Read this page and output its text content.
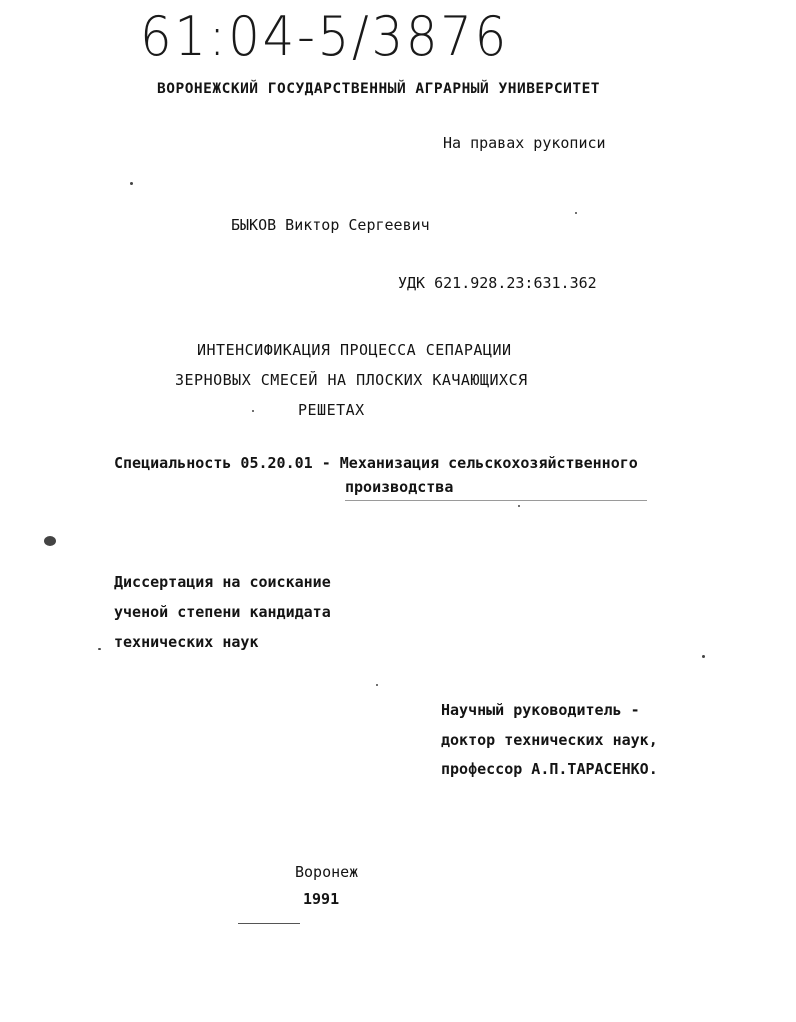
61:04-5/3876
ВОРОНЕЖСКИЙ ГОСУДАРСТВЕННЫЙ АГРАРНЫЙ УНИВЕРСИТЕТ
На правах рукописи
БЫКОВ Виктор Сергеевич
УДК 621.928.23:631.362
ИНТЕНСИФИКАЦИЯ ПРОЦЕССА СЕПАРАЦИИ
ЗЕРНОВЫХ СМЕСЕЙ НА ПЛОСКИХ КАЧАЮЩИХСЯ
РЕШЕТАХ
Специальность 05.20.01 - Механизация сельскохозяйственного
производства
Диссертация на соискание
ученой степени кандидата
технических наук
Научный руководитель -
доктор технических наук,
профессор А.П.ТАРАСЕНКО.
Воронеж
1991
